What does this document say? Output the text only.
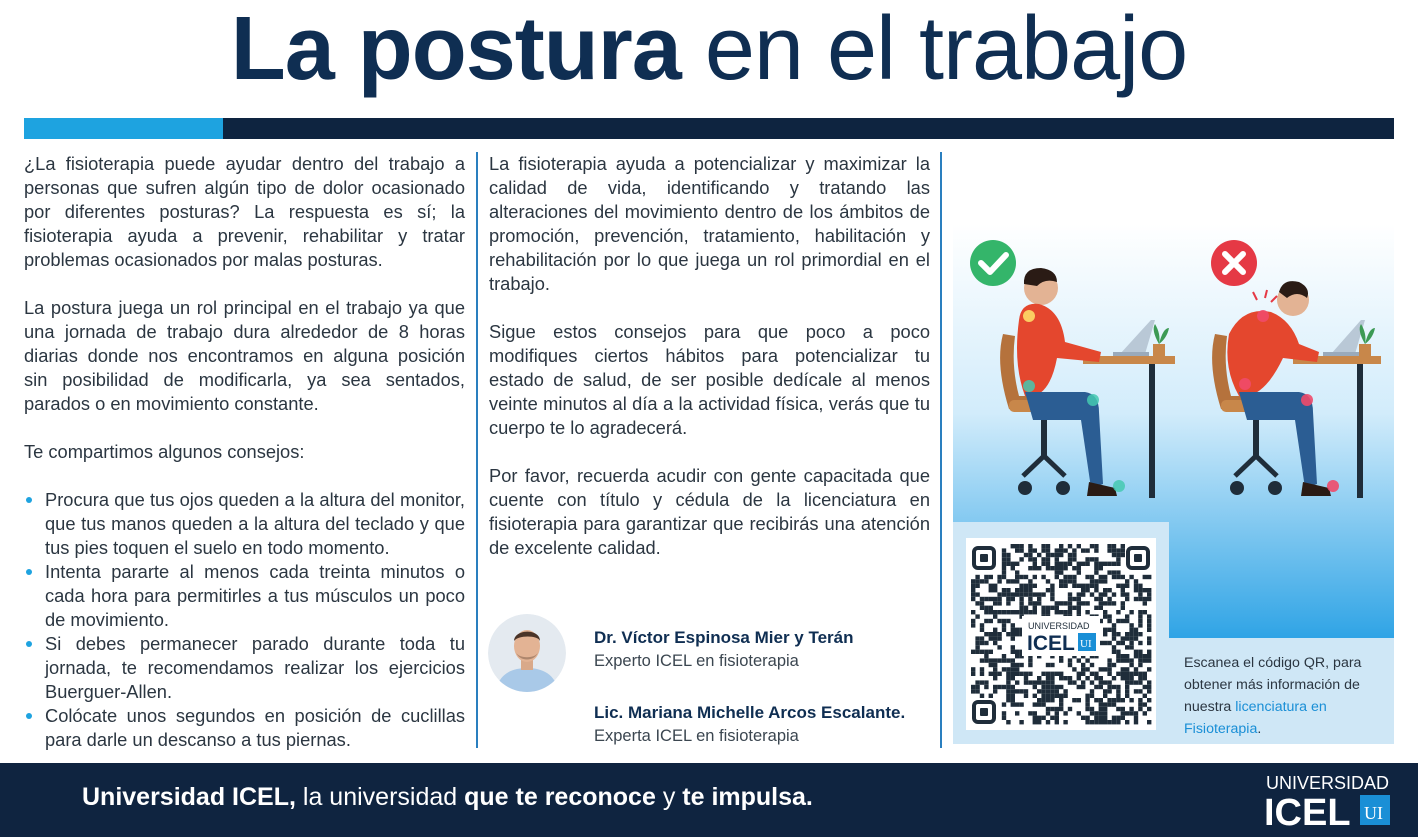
La postura en el trabajo

¿La fisioterapia puede ayudar dentro del trabajo a personas que sufren algún tipo de dolor ocasionado por diferentes posturas? La respuesta es sí; la fisioterapia ayuda a prevenir, rehabilitar y tratar problemas ocasionados por malas posturas.

La postura juega un rol principal en el trabajo ya que una jornada de trabajo dura alrededor de 8 horas diarias donde nos encontramos en alguna posición sin posibilidad de modificarla, ya sea sentados, parados o en movimiento constante.

Te compartimos algunos consejos:

Procura que tus ojos queden a la altura del monitor, que tus manos queden a la altura del teclado y que tus pies toquen el suelo en todo momento.
Intenta pararte al menos cada treinta minutos o cada hora para permitirles a tus músculos un poco de movimiento.
Si debes permanecer parado durante toda tu jornada, te recomendamos realizar los ejercicios Buerguer-Allen.
Colócate unos segundos en posición de cuclillas para darle un descanso a tus piernas.

La fisioterapia ayuda a potencializar y maximizar la calidad de vida, identificando y tratando las alteraciones del movimiento dentro de los ámbitos de promoción, prevención, tratamiento, habilitación y rehabilitación por lo que juega un rol primordial en el trabajo.

Sigue estos consejos para que poco a poco modifiques ciertos hábitos para potencializar tu estado de salud, de ser posible dedícale al menos veinte minutos al día a la actividad física, verás que tu cuerpo te lo agradecerá.

Por favor, recuerda acudir con gente capacitada que cuente con título y cédula de la licenciatura en fisioterapia para garantizar que recibirás una atención de excelente calidad.

Dr. Víctor Espinosa Mier y Terán
Experto ICEL en fisioterapia
Lic. Mariana Michelle Arcos Escalante.
Experta ICEL en fisioterapia
UNIVERSIDAD
ICEL UI
Escanea el código QR, para obtener más información de nuestra licenciatura en Fisioterapia.
Universidad ICEL, la universidad que te reconoce y te impulsa.	UNIVERSIDAD
ICEL UI
